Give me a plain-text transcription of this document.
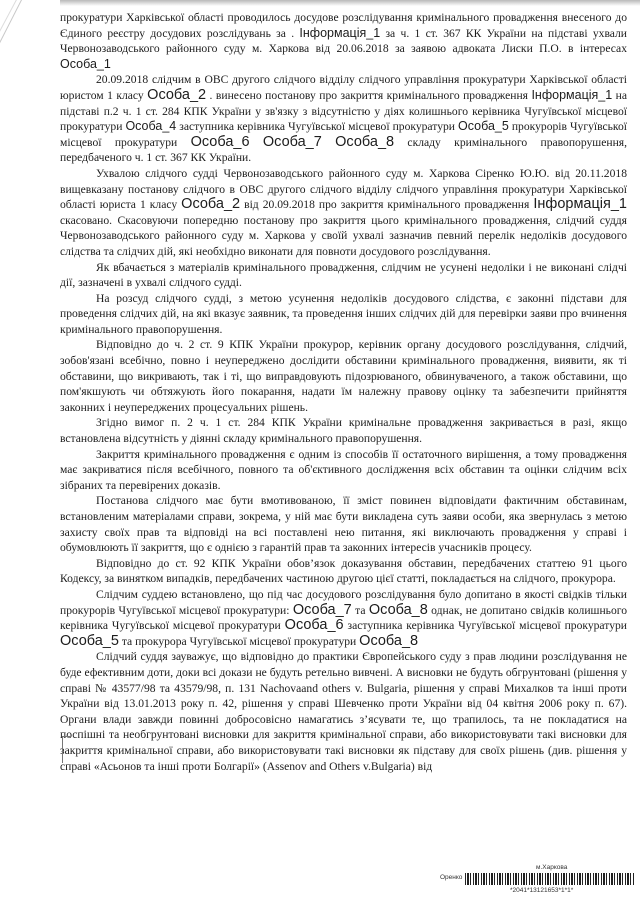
прокуратури Харківської області проводилось досудове розслідування кримінального провадження внесеного до Єдиного реєстру досудових розслідувань за . Інформація_1 за ч. 1 ст. 367 КК України на підставі ухвали Червонозаводського районного суду м. Харкова від 20.06.2018 за заявою адвоката Лиски П.О. в інтересах Особа_1

20.09.2018 слідчим в ОВС другого слідчого відділу слідчого управління прокуратури Харківської області юристом 1 класу Особа_2 . винесено постанову про закриття кримінального провадження Інформація_1 на підставі п.2 ч. 1 ст. 284 КПК України у зв'язку з відсутністю у діях колишнього керівника Чугуївської місцевої прокуратури Особа_4 заступника керівника Чугуївської місцевої прокуратури Особа_5 прокурорів Чугуївської місцевої прокуратури Особа_6 Особа_7 Особа_8 складу кримінального правопорушення, передбаченого ч. 1 ст. 367 КК України.

Ухвалою слідчого судді Червонозаводського районного суду м. Харкова Сіренко Ю.Ю. від 20.11.2018 вищевказану постанову слідчого в ОВС другого слідчого відділу слідчого управління прокуратури Харківської області юриста 1 класу Особа_2 від 20.09.2018 про закриття кримінального провадження Інформація_1 скасовано. Скасовуючи попередню постанову про закриття цього кримінального провадження, слідчий суддя Червонозаводського районного суду м. Харкова у своїй ухвалі зазначив певний перелік недоліків досудового слідства та слідчих дій, які необхідно виконати для повноти досудового розслідування.

Як вбачається з матеріалів кримінального провадження, слідчим не усунені недоліки і не виконані слідчі дії, зазначені в ухвалі слідчого судді.

На розсуд слідчого судді, з метою усунення недоліків досудового слідства, є законні підстави для проведення слідчих дій, на які вказує заявник, та проведення інших слідчих дій для перевірки заяви про вчинення кримінального правопорушення.

Відповідно до ч. 2 ст. 9 КПК України прокурор, керівник органу досудового розслідування, слідчий, зобов'язані всебічно, повно і неупереджено дослідити обставини кримінального провадження, виявити, як ті обставини, що викривають, так і ті, що виправдовують підозрюваного, обвинуваченого, а також обставини, що пом'якшують чи обтяжують його покарання, надати їм належну правову оцінку та забезпечити прийняття законних і неупереджених процесуальних рішень.

Згідно вимог п. 2 ч. 1 ст. 284 КПК України кримінальне провадження закривається в разі, якщо встановлена відсутність у діянні складу кримінального правопорушення.

Закриття кримінального провадження є одним із способів її остаточного вирішення, а тому провадження має закриватися після всебічного, повного та об'єктивного дослідження всіх обставин та оцінки слідчим всіх зібраних та перевірених доказів.

Постанова слідчого має бути вмотивованою, її зміст повинен відповідати фактичним обставинам, встановленим матеріалами справи, зокрема, у ній має бути викладена суть заяви особи, яка звернулась з метою захисту своїх прав та відповіді на всі поставлені нею питання, які виключають провадження у справі і обумовлюють її закриття, що є однією з гарантій прав та законних інтересів учасників процесу.

Відповідно до ст. 92 КПК України обов’язок доказування обставин, передбачених статтею 91 цього Кодексу, за винятком випадків, передбачених частиною другою цієї статті, покладається на слідчого, прокурора.

Слідчим суддею встановлено, що під час досудового розслідування було допитано в якості свідків тільки прокурорів Чугуївської місцевої прокуратури: Особа_7 та Особа_8 однак, не допитано свідків колишнього керівника Чугуївської місцевої прокуратури Особа_6 заступника керівника Чугуївської місцевої прокуратури Особа_5 та прокурора Чугуївської місцевої прокуратури Особа_8

Слідчий суддя зауважує, що відповідно до практики Європейського суду з прав людини розслідування не буде ефективним доти, доки всі докази не будуть ретельно вивчені. А висновки не будуть обгрунтовані (рішення у справі № 43577/98 та 43579/98, п. 131 Nachovaand others v. Bulgaria, рішення у справі Михалков та інші проти України від 13.01.2013 року п. 42, рішення у справі Шевченко проти України від 04 квітня 2006 року п. 67). Органи влади завжди повинні добросовісно намагатись з’ясувати те, що трапилось, та не покладатися на поспішні та необгрунтовані висновки для закриття кримінальної справи, або використовувати такі висновки для закриття кримінальної справи, або використовувати такі висновки як підставу для своїх рішень (див. рішення у справі «Асьонов та інші проти Болгарії» (Assenov and Others v.Bulgaria) від

м.Харкова
Оренко
*2041*13121653*1*1*
